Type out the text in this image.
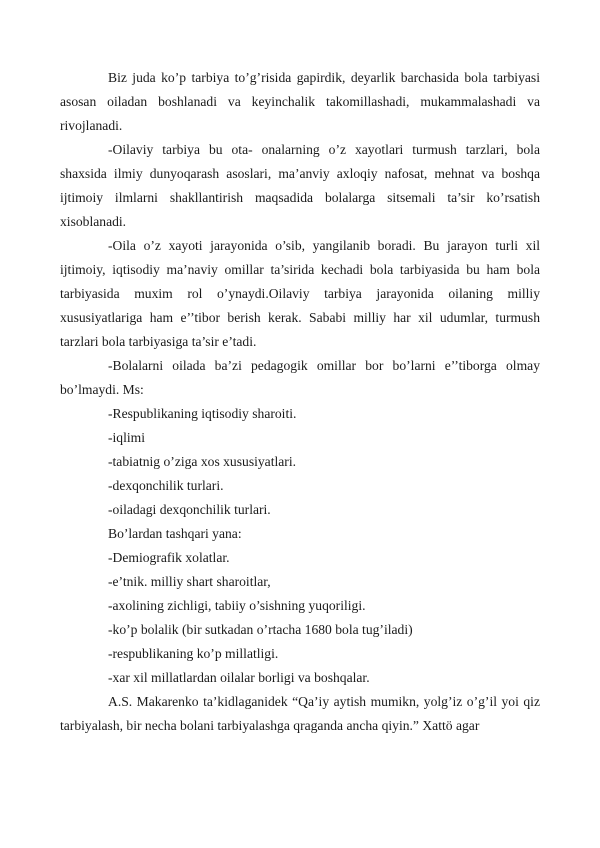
Biz juda ko’p tarbiya to’g’risida gapirdik, deyarlik barchasida bola tarbiyasi asosan oiladan boshlanadi va keyinchalik takomillashadi, mukammalashadi va rivojlanadi.

-Oilaviy tarbiya bu ota- onalarning o’z xayotlari turmush tarzlari, bola shaxsida ilmiy dunyoqarash asoslari, ma’anviy axloqiy nafosat, mehnat va boshqa ijtimoiy ilmlarni shakllantirish maqsadida bolalarga sitsemali ta’sir ko’rsatish xisoblanadi.

-Oila o’z xayoti jarayonida o’sib, yangilanib boradi. Bu jarayon turli xil ijtimoiy, iqtisodiy ma’naviy omillar ta’sirida kechadi bola tarbiyasida bu ham bola tarbiyasida muxim rol o’ynaydi.Oilaviy tarbiya jarayonida oilaning milliy xususiyatlariga ham e’’tibor berish kerak. Sababi milliy har xil udumlar, turmush tarzlari bola tarbiyasiga ta’sir e’tadi.

-Bolalarni oilada ba’zi pedagogik omillar bor bo’larni e’’tiborga olmay bo’lmaydi. Ms:

-Respublikaning iqtisodiy sharoiti.

-iqlimi

-tabiatnig o’ziga xos xususiyatlari.

-dexqonchilik turlari.

-oiladagi dexqonchilik turlari.

Bo’lardan tashqari yana:

-Demiografik xolatlar.

-e’tnik. milliy shart sharoitlar,

-axolining zichligi, tabiiy o’sishning yuqoriligi.

-ko’p bolalik (bir sutkadan o’rtacha 1680 bola tug’iladi)

-respublikaning ko’p millatligi.

-xar xil millatlardan oilalar borligi va boshqalar.

A.S. Makarenko ta’kidlaganidek “Qa’iy aytish mumikn, yolg’iz o’g’il yoi qiz tarbiyalash, bir necha bolani tarbiyalashga qraganda ancha qiyin.” Xattö agar
